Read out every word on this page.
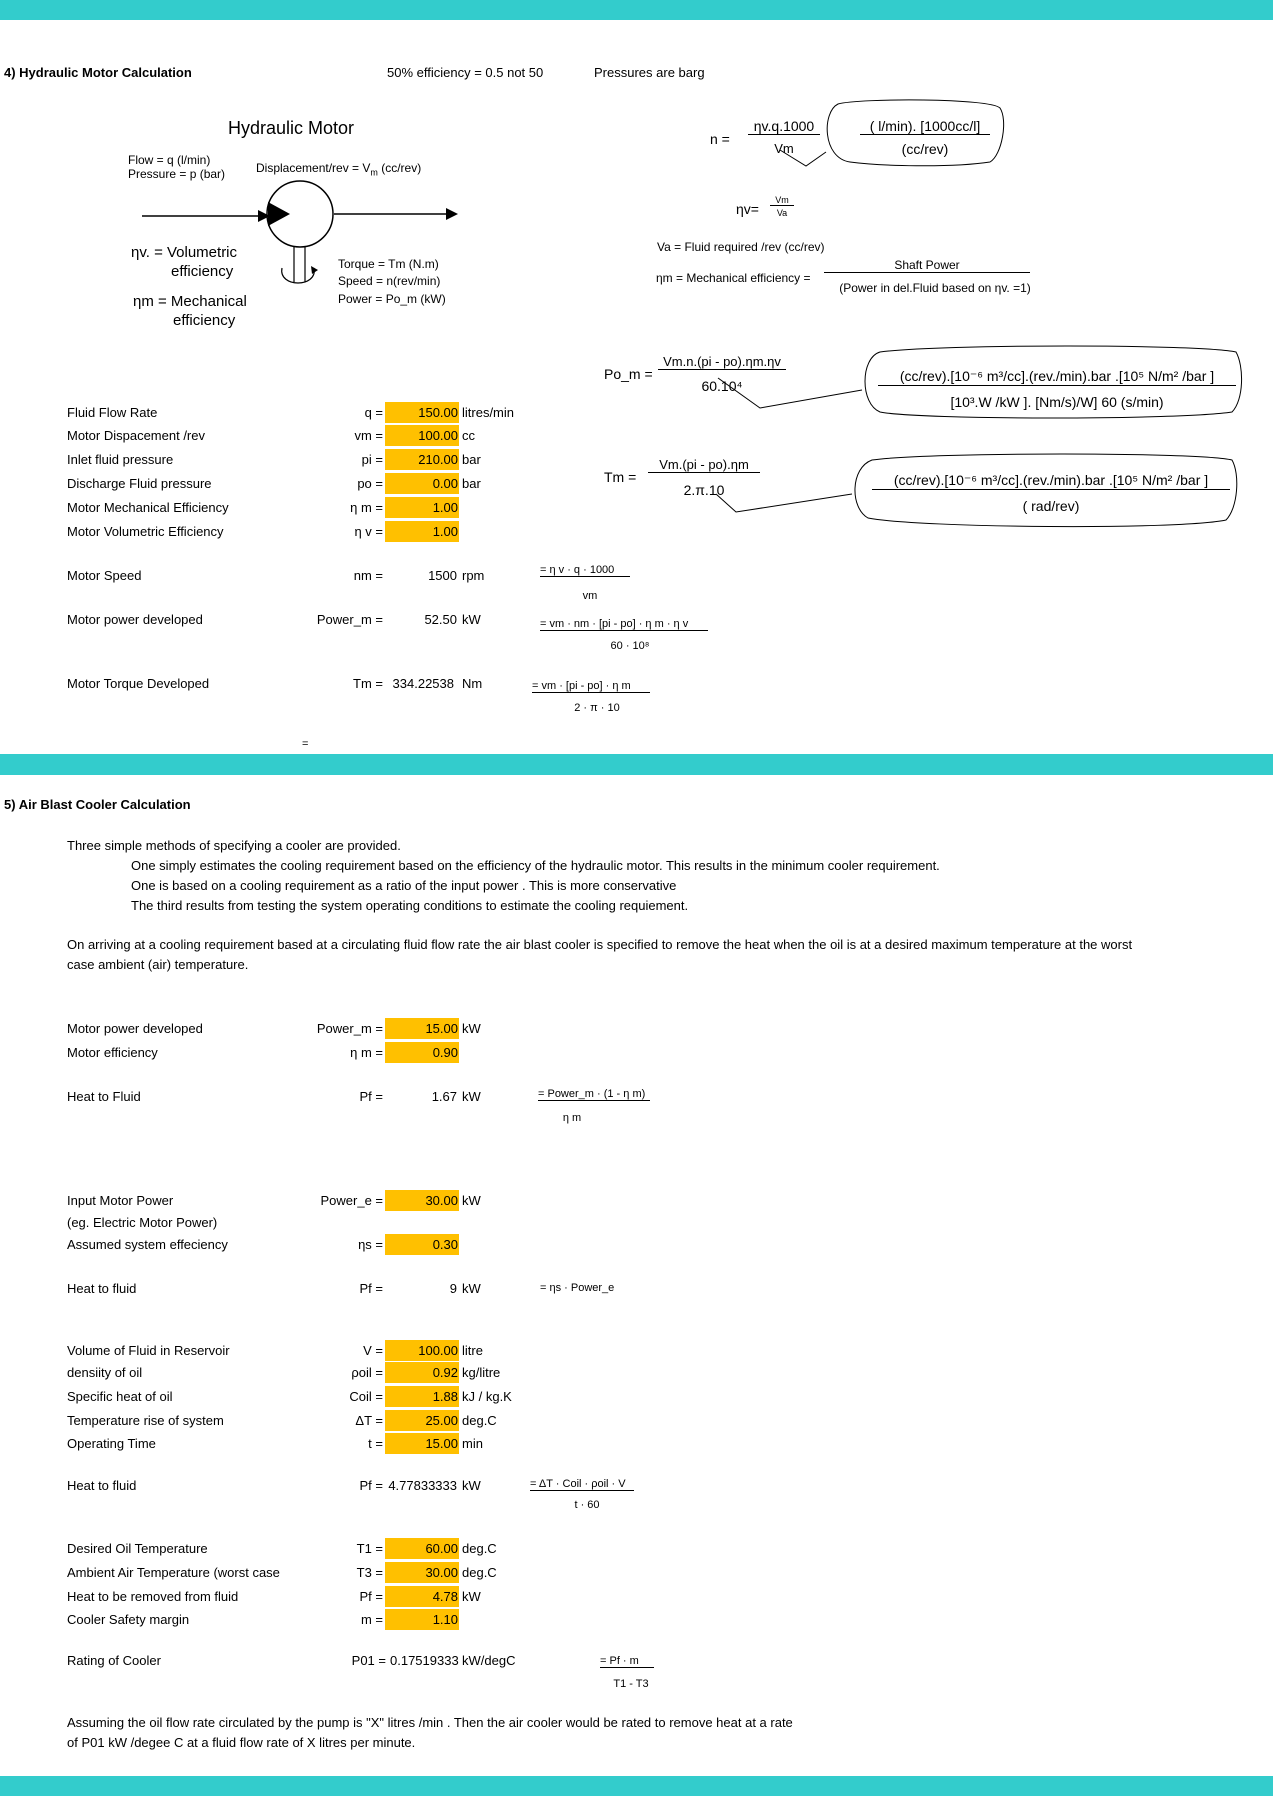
4) Hydraulic Motor Calculation	50% efficiency = 0.5 not 50	Pressures are barg
Hydraulic Motor
Flow = q (l/min)
Pressure = p (bar)	Displacement/rev = $V_m$ (cc/rev)
ηv. = Volumetric
efficiency
ηm = Mechanical
efficiency
Torque = Tm (N.m)
Speed = n(rev/min)
Power = Po_m (kW)
n =
ηv.q.1000
Vm
( l/min). [1000cc/l]
(cc/rev)
ηv=
Vm
Va
Va = Fluid required /rev (cc/rev)
ηm = Mechanical efficiency =
Shaft Power
(Power in del.Fluid based on ηv. =1)
Po_m =
Vm.n.(pi - po).ηm.ηv
60.10⁴
(cc/rev).[10⁻⁶ m³/cc].(rev./min).bar .[10⁵ N/m² /bar ]
[10³.W /kW ]. [Nm/s)/W] 60 (s/min)
Tm =
Vm.(pi - po).ηm
2.π.10
(cc/rev).[10⁻⁶ m³/cc].(rev./min).bar .[10⁵ N/m² /bar ]
( rad/rev)
Fluid Flow Rate	q =	150.00 litres/min
Motor Dispacement /rev	vm =	100.00 cc
Inlet fluid pressure	pi =	210.00 bar
Discharge Fluid pressure	po =	0.00 bar
Motor Mechanical Efficiency	η m =	1.00
Motor Volumetric Efficiency	η v =	1.00
Motor Speed	nm =	1500 rpm	= η v · q · 1000
vm
Motor power developed	Power_m =	52.50 kW	= vm · nm · [pi - po] · η m · η v
60 · 10⁸
Motor Torque Developed	Tm = 334.22538 Nm	= vm · [pi - po] · η m
2 · π · 10
=
5) Air Blast Cooler Calculation
Three simple methods of specifying a cooler are provided.
One simply estimates the cooling requirement based on the efficiency of the hydraulic motor. This results in the minimum cooler requirement.
One is based on a cooling requirement as a ratio of the input power . This is more conservative
The third results from testing the system operating conditions to estimate the cooling requiement.
On arriving at a cooling requirement based at a circulating fluid flow rate the air blast cooler is specified to remove the heat when the oil is at a desired maximum temperature at the worst case ambient (air) temperature.
Motor power developed	Power_m =	15.00 kW
Motor efficiency	η m =	0.90
Heat to Fluid	Pf =	1.67 kW	= Power_m · (1 - η m)
η m
Input Motor Power	Power_e =	30.00 kW
(eg. Electric Motor Power)
Assumed system effeciency	ηs =	0.30
Heat to fluid	Pf =	9 kW	= ηs · Power_e
Volume of Fluid in Reservoir	V =	100.00 litre
densiity of oil	ρoil =	0.92 kg/litre
Specific heat of oil	Coil =	1.88 kJ / kg.K
Temperature rise of system	ΔT =	25.00 deg.C
Operating Time	t =	15.00 min
Heat to fluid	Pf = 4.77833333 kW	= ΔT · Coil · ρoil · V
t · 60
Desired Oil Temperature	T1 =	60.00 deg.C
Ambient Air Temperature (worst case	T3 =	30.00 deg.C
Heat to be removed from fluid	Pf =	4.78 kW
Cooler Safety margin	m =	1.10
Rating of Cooler	P01 = 0.17519333 kW/degC	= Pf · m
T1 - T3
Assuming the oil flow rate circulated by the pump is "X" litres /min . Then the air cooler would be rated to remove heat at a rate
of P01 kW /degee C at a fluid flow rate of X litres per minute.
